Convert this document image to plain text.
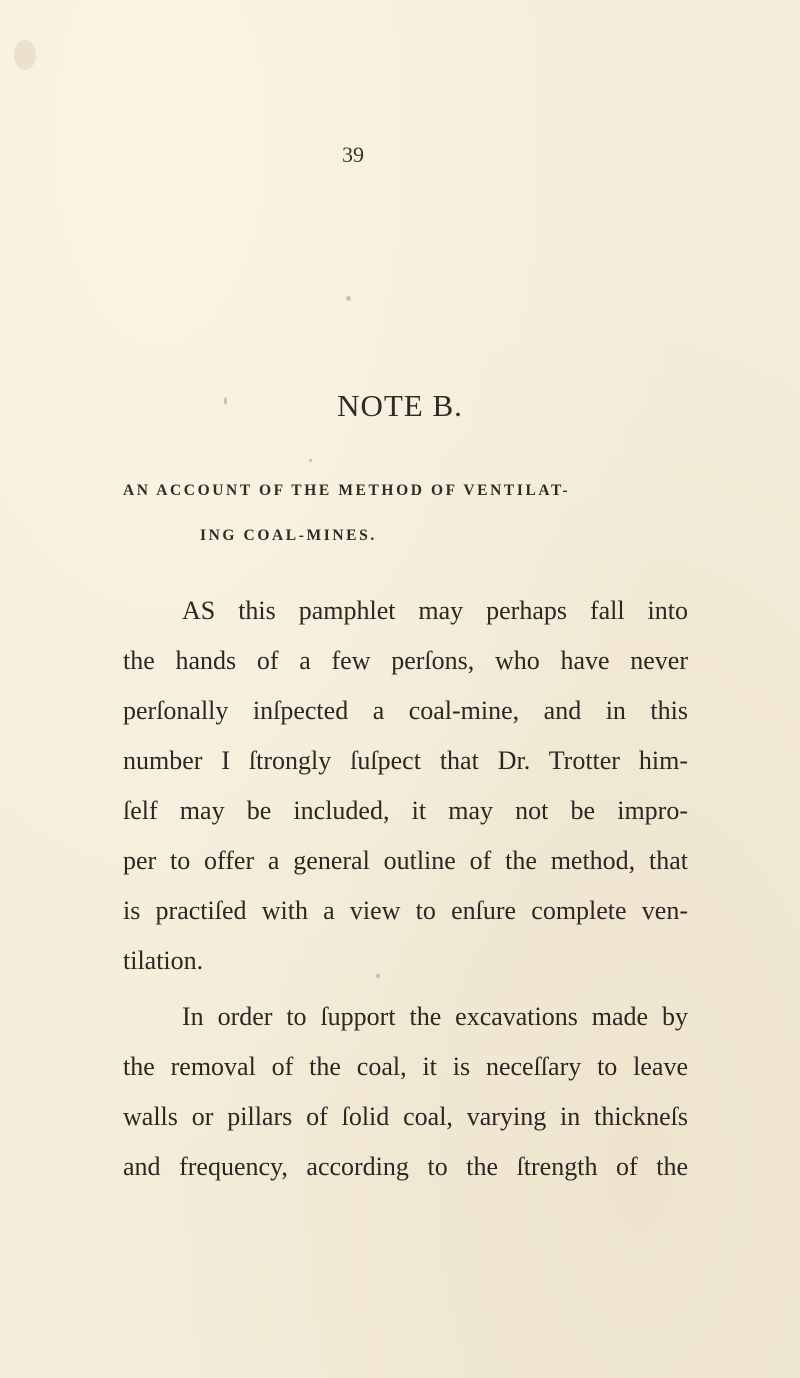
39
NOTE B.
AN ACCOUNT OF THE METHOD OF VENTILAT-
ING COAL-MINES.
AS this pamphlet may perhaps fall into
the hands of a few perſons, who have never
perſonally inſpected a coal-mine, and in this
number I ſtrongly ſuſpect that Dr. Trotter him-
ſelf may be included, it may not be impro-
per to offer a general outline of the method, that
is practiſed with a view to enſure complete ven-
tilation.
In order to ſupport the excavations made by
the removal of the coal, it is neceſſary to leave
walls or pillars of ſolid coal, varying in thickneſs
and frequency, according to the ſtrength of the
